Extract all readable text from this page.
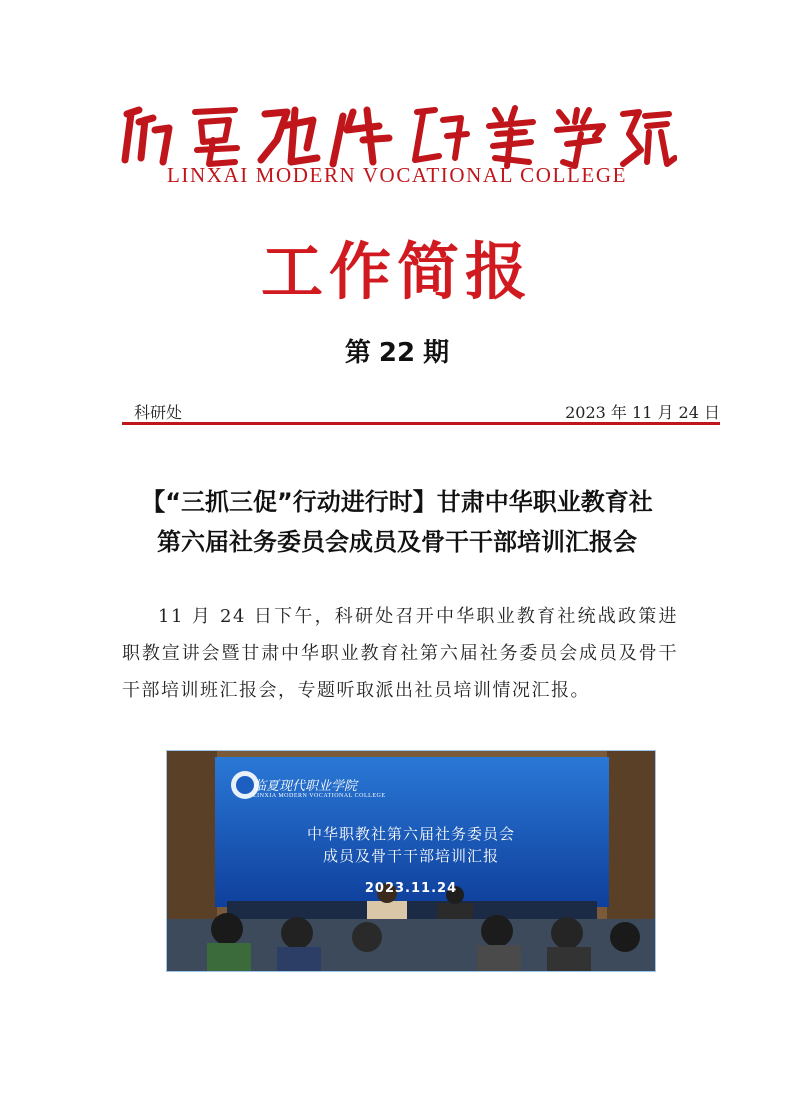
LINXAI MODERN VOCATIONAL COLLEGE
工作简报
第 22 期
科研处	2023 年 11 月 24 日
【“三抓三促”行动进行时】甘肃中华职业教育社
第六届社务委员会成员及骨干干部培训汇报会
11 月 24 日下午，科研处召开中华职业教育社统战政策进职教宣讲会暨甘肃中华职业教育社第六届社务委员会成员及骨干干部培训班汇报会，专题听取派出社员培训情况汇报。
临夏现代职业学院
LINXIA MODERN VOCATIONAL COLLEGE
中华职教社第六届社务委员会
成员及骨干干部培训汇报
2023.11.24
